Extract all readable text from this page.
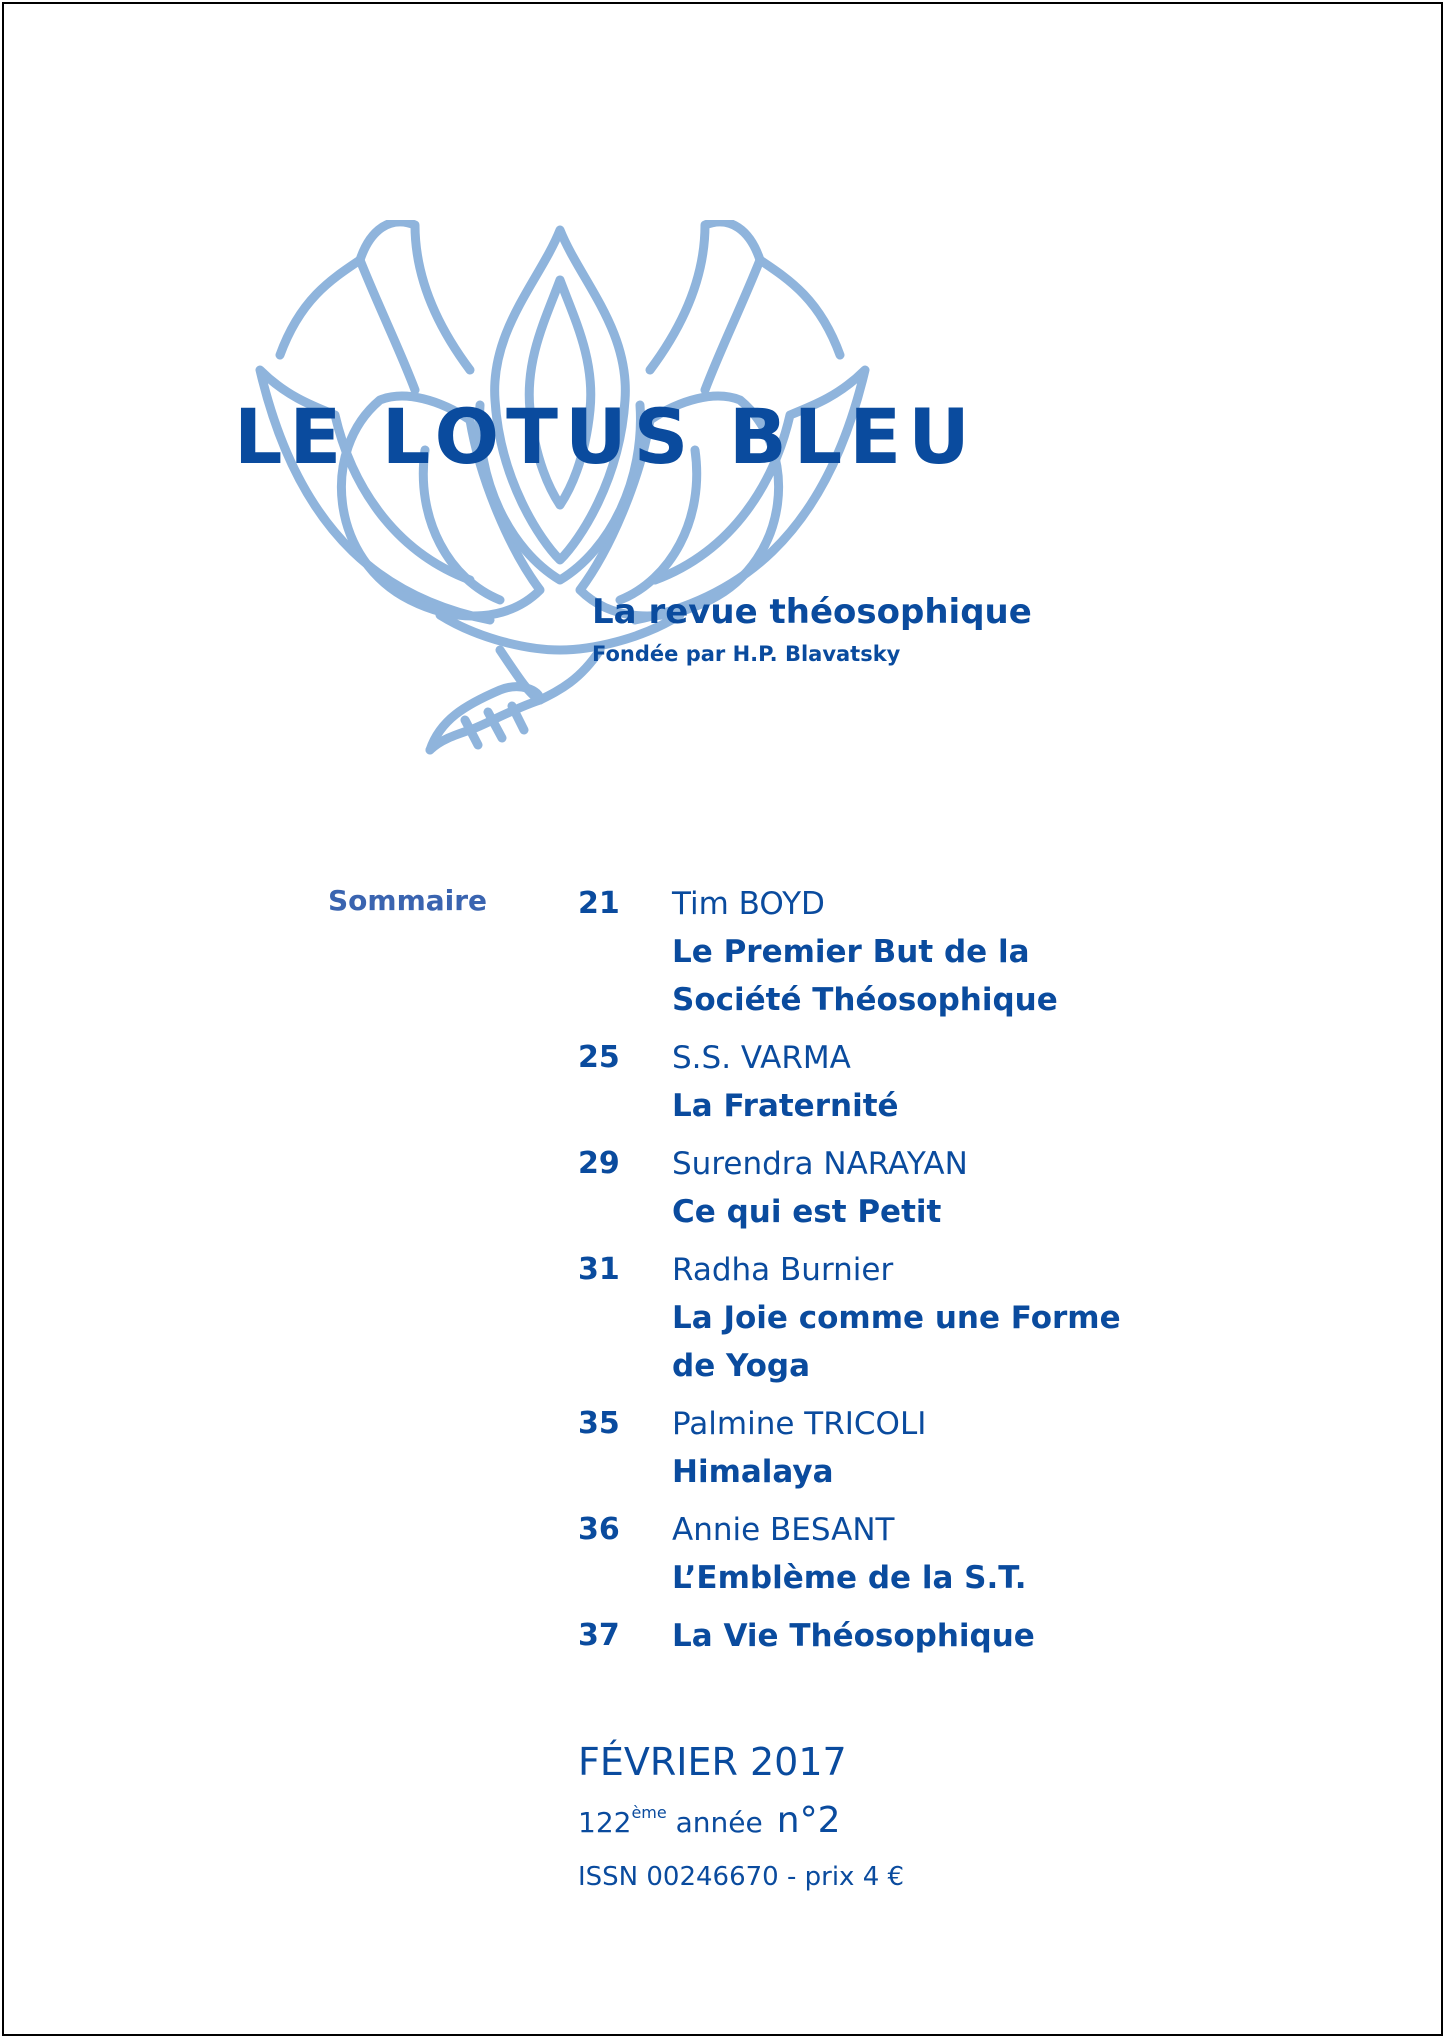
LE LOTUS BLEU
La revue théosophique
Fondée par H.P. Blavatsky
Sommaire	21 Tim BOYD
Le Premier But de la Société Théosophique
25 S.S. VARMA
La Fraternité
29 Surendra NARAYAN
Ce qui est Petit
31 Radha Burnier
La Joie comme une Forme de Yoga
35 Palmine TRICOLI
Himalaya
36 Annie BESANT
L’Emblème de la S.T.
37 La Vie Théosophique
FÉVRIER 2017
122ème année n°2
ISSN 00246670 - prix 4 €
